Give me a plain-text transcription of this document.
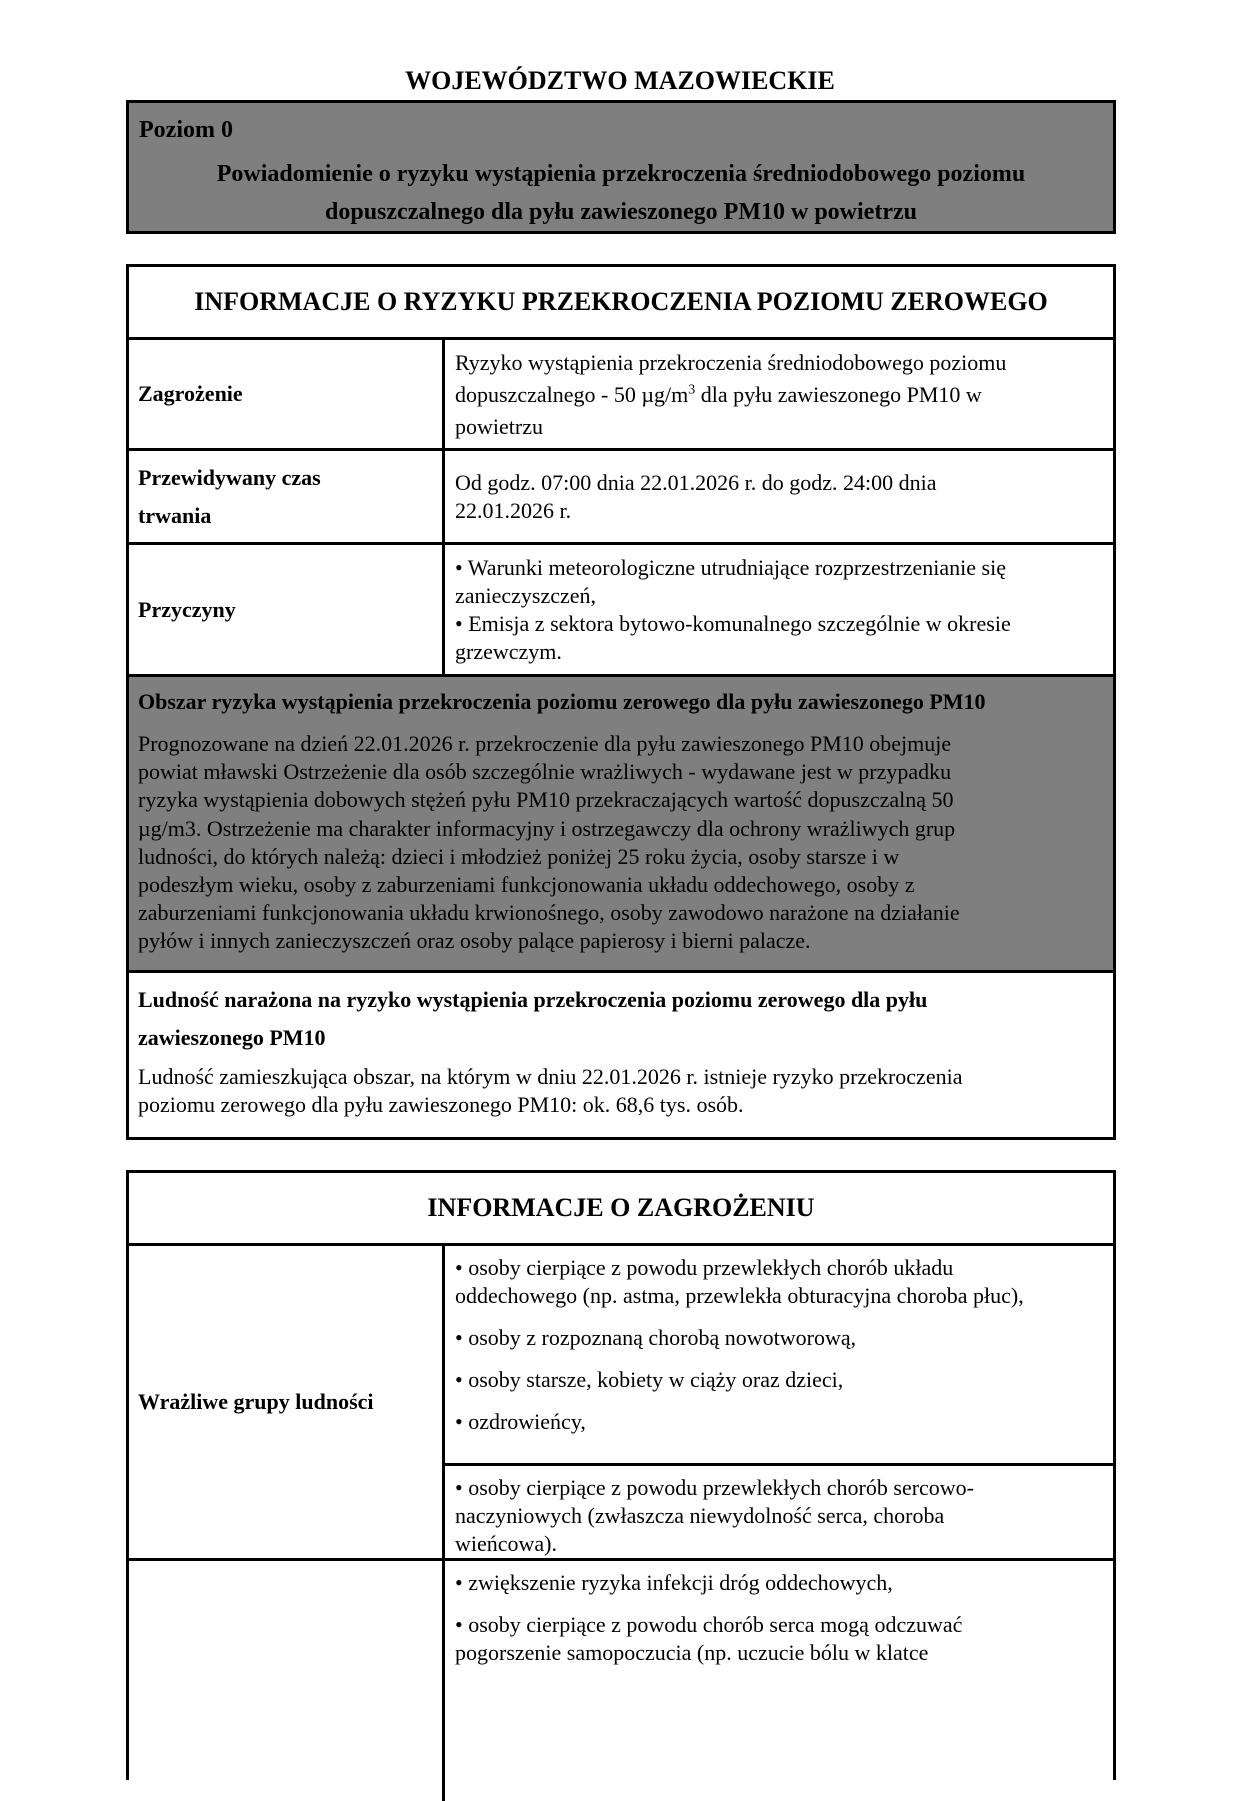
WOJEWÓDZTWO MAZOWIECKIE
Poziom 0
Powiadomienie o ryzyku wystąpienia przekroczenia średniodobowego poziomu
dopuszczalnego dla pyłu zawieszonego PM10 w powietrzu
INFORMACJE O RYZYKU PRZEKROCZENIA POZIOMU ZEROWEGO
Zagrożenie
Ryzyko wystąpienia przekroczenia średniodobowego poziomu
dopuszczalnego - 50 $\mu g/m^3$ dla pyłu zawieszonego PM10 w
powietrzu
Przewidywany czas
trwania
Od godz. 07:00 dnia 22.01.2026 r. do godz. 24:00 dnia
22.01.2026 r.
Przyczyny
• Warunki meteorologiczne utrudniające rozprzestrzenianie się
zanieczyszczeń,
• Emisja z sektora bytowo-komunalnego szczególnie w okresie
grzewczym.
Obszar ryzyka wystąpienia przekroczenia poziomu zerowego dla pyłu zawieszonego PM10
Prognozowane na dzień 22.01.2026 r. przekroczenie dla pyłu zawieszonego PM10 obejmuje
powiat mławski Ostrzeżenie dla osób szczególnie wrażliwych - wydawane jest w przypadku
ryzyka wystąpienia dobowych stężeń pyłu PM10 przekraczających wartość dopuszczalną 50
µg/m3. Ostrzeżenie ma charakter informacyjny i ostrzegawczy dla ochrony wrażliwych grup
ludności, do których należą: dzieci i młodzież poniżej 25 roku życia, osoby starsze i w
podeszłym wieku, osoby z zaburzeniami funkcjonowania układu oddechowego, osoby z
zaburzeniami funkcjonowania układu krwionośnego, osoby zawodowo narażone na działanie
pyłów i innych zanieczyszczeń oraz osoby palące papierosy i bierni palacze.
Ludność narażona na ryzyko wystąpienia przekroczenia poziomu zerowego dla pyłu
zawieszonego PM10
Ludność zamieszkująca obszar, na którym w dniu 22.01.2026 r. istnieje ryzyko przekroczenia
poziomu zerowego dla pyłu zawieszonego PM10: ok. 68,6 tys. osób.
INFORMACJE O ZAGROŻENIU
Wrażliwe grupy ludności
• osoby cierpiące z powodu przewlekłych chorób układu
oddechowego (np. astma, przewlekła obturacyjna choroba płuc),
• osoby z rozpoznaną chorobą nowotworową,
• osoby starsze, kobiety w ciąży oraz dzieci,
• ozdrowieńcy,
• osoby cierpiące z powodu przewlekłych chorób sercowo-
naczyniowych (zwłaszcza niewydolność serca, choroba
wieńcowa).
• zwiększenie ryzyka infekcji dróg oddechowych,
• osoby cierpiące z powodu chorób serca mogą odczuwać
pogorszenie samopoczucia (np. uczucie bólu w klatce
